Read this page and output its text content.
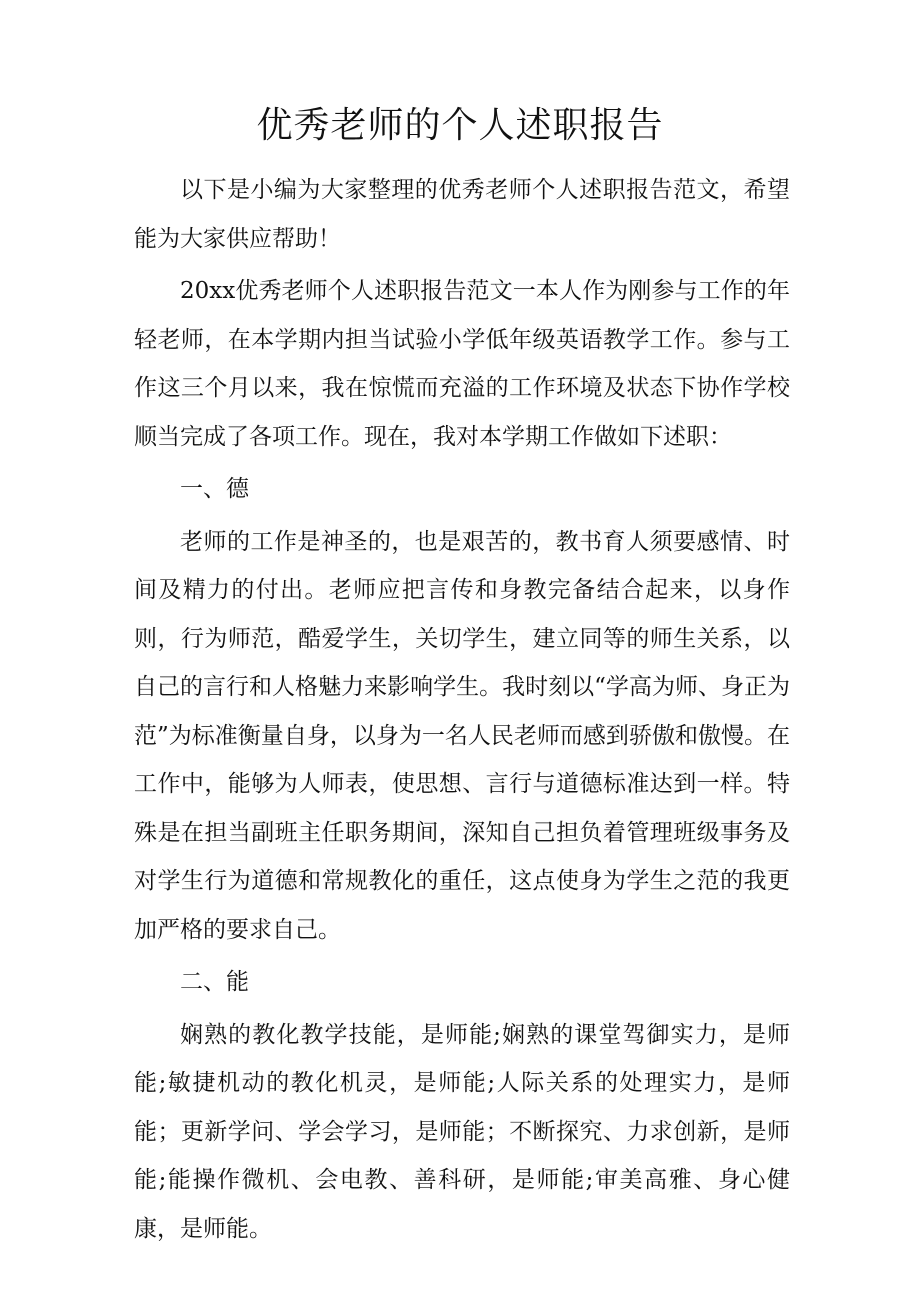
优秀老师的个人述职报告

以下是小编为大家整理的优秀老师个人述职报告范文，希望能为大家供应帮助！

20xx优秀老师个人述职报告范文一本人作为刚参与工作的年轻老师，在本学期内担当试验小学低年级英语教学工作。参与工作这三个月以来，我在惊慌而充溢的工作环境及状态下协作学校顺当完成了各项工作。现在，我对本学期工作做如下述职：

一、德

老师的工作是神圣的，也是艰苦的，教书育人须要感情、时间及精力的付出。老师应把言传和身教完备结合起来，以身作则，行为师范，酷爱学生，关切学生，建立同等的师生关系，以自己的言行和人格魅力来影响学生。我时刻以“学高为师、身正为范”为标准衡量自身，以身为一名人民老师而感到骄傲和傲慢。在工作中，能够为人师表，使思想、言行与道德标准达到一样。特殊是在担当副班主任职务期间，深知自己担负着管理班级事务及对学生行为道德和常规教化的重任，这点使身为学生之范的我更加严格的要求自己。

二、能

娴熟的教化教学技能，是师能;娴熟的课堂驾御实力，是师能;敏捷机动的教化机灵，是师能;人际关系的处理实力，是师能；更新学问、学会学习，是师能；不断探究、力求创新，是师能;能操作微机、会电教、善科研，是师能;审美高雅、身心健康，是师能。
